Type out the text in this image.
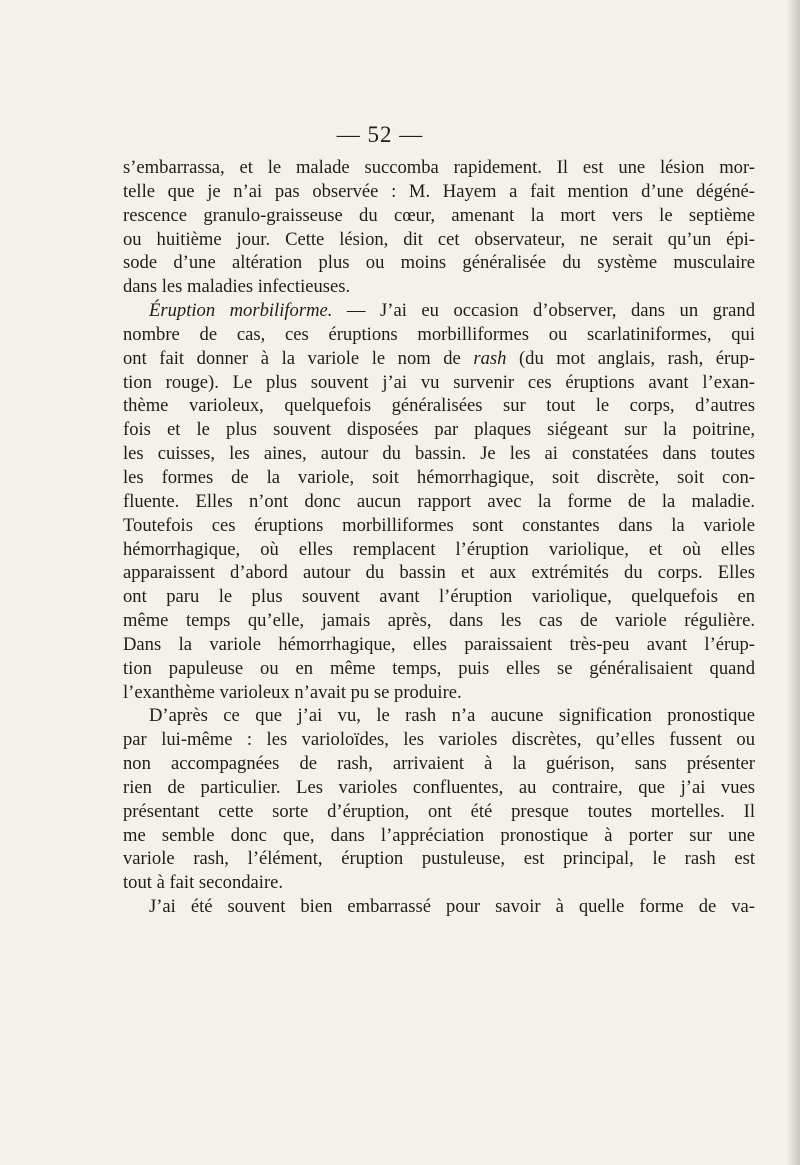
— 52 —
s’embarrassa, et le malade succomba rapidement. Il est une lésion mor-
telle que je n’ai pas observée : M. Hayem a fait mention d’une dégéné-
rescence granulo-graisseuse du cœur, amenant la mort vers le septième
ou huitième jour. Cette lésion, dit cet observateur, ne serait qu’un épi-
sode d’une altération plus ou moins généralisée du système musculaire
dans les maladies infectieuses.
Éruption morbiliforme. — J’ai eu occasion d’observer, dans un grand
nombre de cas, ces éruptions morbilliformes ou scarlatiniformes, qui
ont fait donner à la variole le nom de rash (du mot anglais, rash, érup-
tion rouge). Le plus souvent j’ai vu survenir ces éruptions avant l’exan-
thème varioleux, quelquefois généralisées sur tout le corps, d’autres
fois et le plus souvent disposées par plaques siégeant sur la poitrine,
les cuisses, les aines, autour du bassin. Je les ai constatées dans toutes
les formes de la variole, soit hémorrhagique, soit discrète, soit con-
fluente. Elles n’ont donc aucun rapport avec la forme de la maladie.
Toutefois ces éruptions morbilliformes sont constantes dans la variole
hémorrhagique, où elles remplacent l’éruption variolique, et où elles
apparaissent d’abord autour du bassin et aux extrémités du corps. Elles
ont paru le plus souvent avant l’éruption variolique, quelquefois en
même temps qu’elle, jamais après, dans les cas de variole régulière.
Dans la variole hémorrhagique, elles paraissaient très-peu avant l’érup-
tion papuleuse ou en même temps, puis elles se généralisaient quand
l’exanthème varioleux n’avait pu se produire.
D’après ce que j’ai vu, le rash n’a aucune signification pronostique
par lui-même : les varioloïdes, les varioles discrètes, qu’elles fussent ou
non accompagnées de rash, arrivaient à la guérison, sans présenter
rien de particulier. Les varioles confluentes, au contraire, que j’ai vues
présentant cette sorte d’éruption, ont été presque toutes mortelles. Il
me semble donc que, dans l’appréciation pronostique à porter sur une
variole rash, l’élément, éruption pustuleuse, est principal, le rash est
tout à fait secondaire.
J’ai été souvent bien embarrassé pour savoir à quelle forme de va-
